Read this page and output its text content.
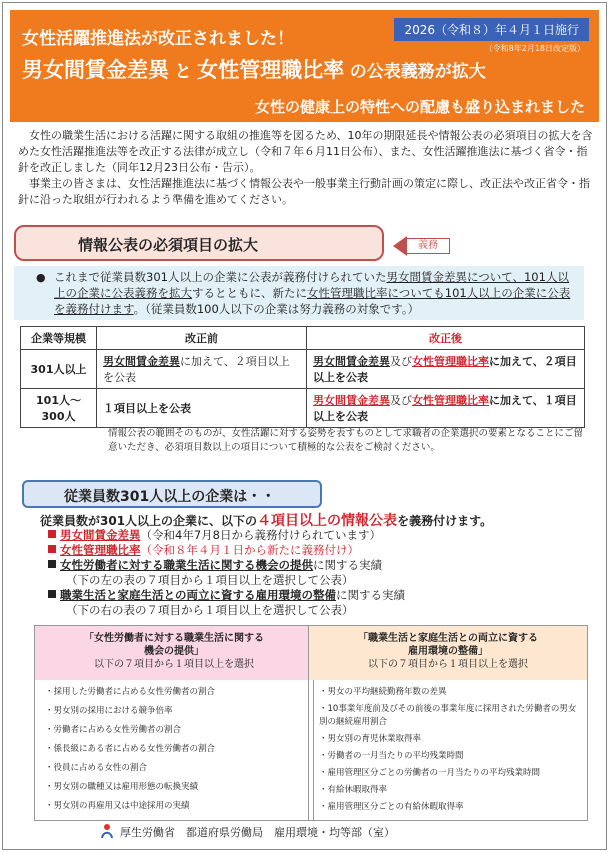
2026（令和８）年４月１日施行
（令和8年2月18日改定版）
女性活躍推進法が改正されました！
男女間賃金差異 と 女性管理職比率 の公表義務が拡大
女性の健康上の特性への配慮も盛り込まれました

女性の職業生活における活躍に関する取組の推進等を図るため、10年の期限延長や情報公表の必須項目の拡大を含めた女性活躍推進法等を改正する法律が成立し（令和７年６月11日公布）、また、女性活躍推進法に基づく省令・指針を改正しました（同年12月23日公布・告示）。

事業主の皆さまは、女性活躍推進法に基づく情報公表や一般事業主行動計画の策定に際し、改正法や改正省令・指針に沿った取組が行われるよう準備を進めてください。

情報公表の必須項目の拡大	義務
● これまで従業員数301人以上の企業に公表が義務付けられていた男女間賃金差異について、101人以上の企業に公表義務を拡大するとともに、新たに女性管理職比率についても101人以上の企業に公表を義務付けます。（従業員数100人以下の企業は努力義務の対象です。）
企業等規模	改正前	改正後
301人以上	男女間賃金差異に加えて、２項目以上を公表	男女間賃金差異及び女性管理職比率に加えて、２項目以上を公表

101人〜
300人	１項目以上を公表	男女間賃金差異及び女性管理職比率に加えて、１項目以上を公表
情報公表の範囲そのものが、女性活躍に対する姿勢を表すものとして求職者の企業選択の要素となることにご留意いただき、必須項目数以上の項目について積極的な公表をご検討ください。
従業員数301人以上の企業は・・
従業員数が301人以上の企業に、以下の４項目以上の情報公表を義務付けます。
男女間賃金差異（令和4年7月8日から義務付けられています）
女性管理職比率（令和８年４月１日から新たに義務付け）
女性労働者に対する職業生活に関する機会の提供に関する実績
（下の左の表の７項目から１項目以上を選択して公表）
職業生活と家庭生活との両立に資する雇用環境の整備に関する実績
（下の右の表の７項目から１項目以上を選択して公表）
「女性労働者に対する職業生活に関する
機会の提供」
以下の７項目から１項目以上を選択
・採用した労働者に占める女性労働者の割合
・男女別の採用における競争倍率
・労働者に占める女性労働者の割合
・係長級にある者に占める女性労働者の割合
・役員に占める女性の割合
・男女別の職種又は雇用形態の転換実績
・男女別の再雇用又は中途採用の実績
「職業生活と家庭生活との両立に資する
雇用環境の整備」
以下の７項目から１項目以上を選択
・男女の平均継続勤務年数の差異
・10事業年度前及びその前後の事業年度に採用された労働者の男女別の継続雇用割合
・男女別の育児休業取得率
・労働者の一月当たりの平均残業時間
・雇用管理区分ごとの労働者の一月当たりの平均残業時間
・有給休暇取得率
・雇用管理区分ごとの有給休暇取得率
厚生労働省　都道府県労働局　雇用環境・均等部（室）
